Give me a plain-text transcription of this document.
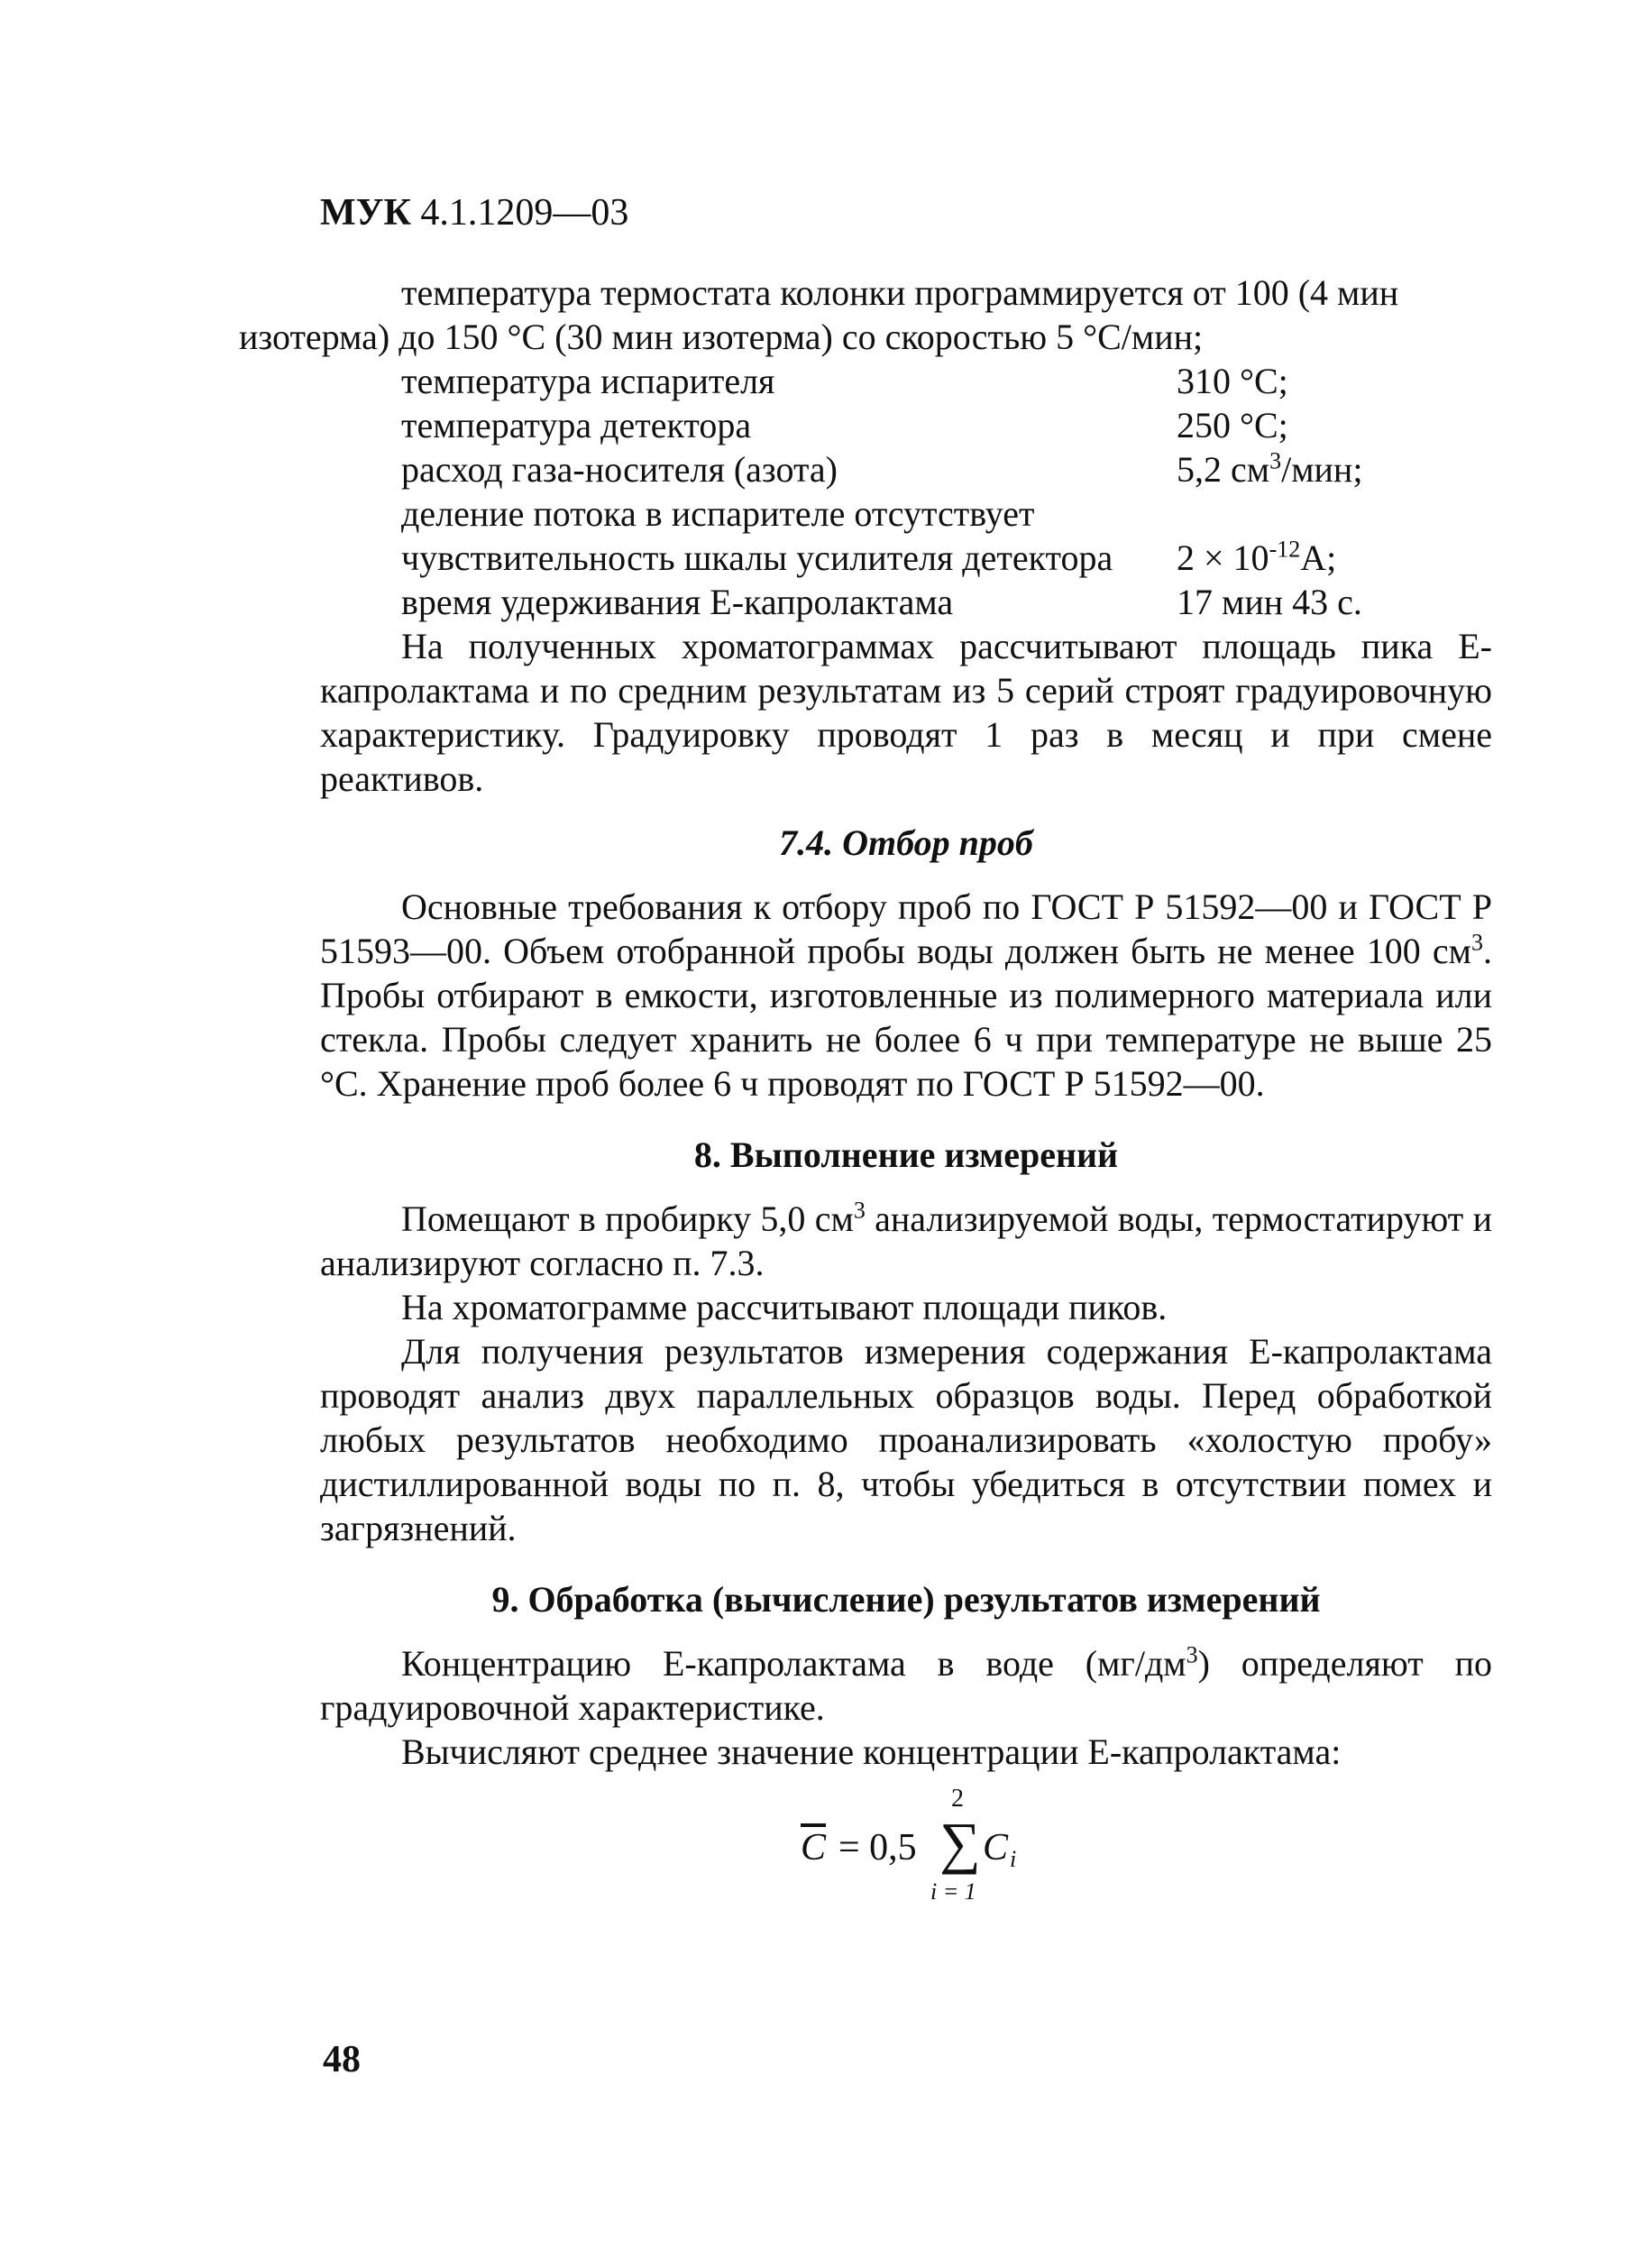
МУК 4.1.1209—03

температура термостата колонки программируется от 100 (4 мин
изотерма) до 150 °С (30 мин изотерма) со скоростью 5 °С/мин;

температура испарителя	310 °С;
температура детектора	250 °С;
расход газа-носителя (азота)	5,2 $см^3$/мин;
деление потока в испарителе отсутствует
чувствительность шкалы усилителя детектора	$2 \times 10^{-12}А$;
время удерживания Е-капролактама	17 мин 43 с.

На полученных хроматограммах рассчитывают площадь пика Е-капролактама и по средним результатам из 5 серий строят градуировочную характеристику. Градуировку проводят 1 раз в месяц и при смене реактивов.

7.4. Отбор проб

Основные требования к отбору проб по ГОСТ Р 51592—00 и ГОСТ Р 51593—00. Объем отобранной пробы воды должен быть не менее 100 $см^3$. Пробы отбирают в емкости, изготовленные из полимерного материала или стекла. Пробы следует хранить не более 6 ч при температуре не выше 25 °С. Хранение проб более 6 ч проводят по ГОСТ Р 51592—00.

8. Выполнение измерений

Помещают в пробирку 5,0 $см^3$ анализируемой воды, термостатируют и анализируют согласно п. 7.3.

На хроматограмме рассчитывают площади пиков.

Для получения результатов измерения содержания Е-капролактама проводят анализ двух параллельных образцов воды. Перед обработкой любых результатов необходимо проанализировать «холостую пробу» дистиллированной воды по п. 8, чтобы убедиться в отсутствии помех и загрязнений.

9. Обработка (вычисление) результатов измерений

Концентрацию Е-капролактама в воде $(мг/дм^3)$ определяют по градуировочной характеристике.

Вычисляют среднее значение концентрации Е-капролактама:

$\overline{C} = 0,5$
2
∑
i = 1
C i
48
